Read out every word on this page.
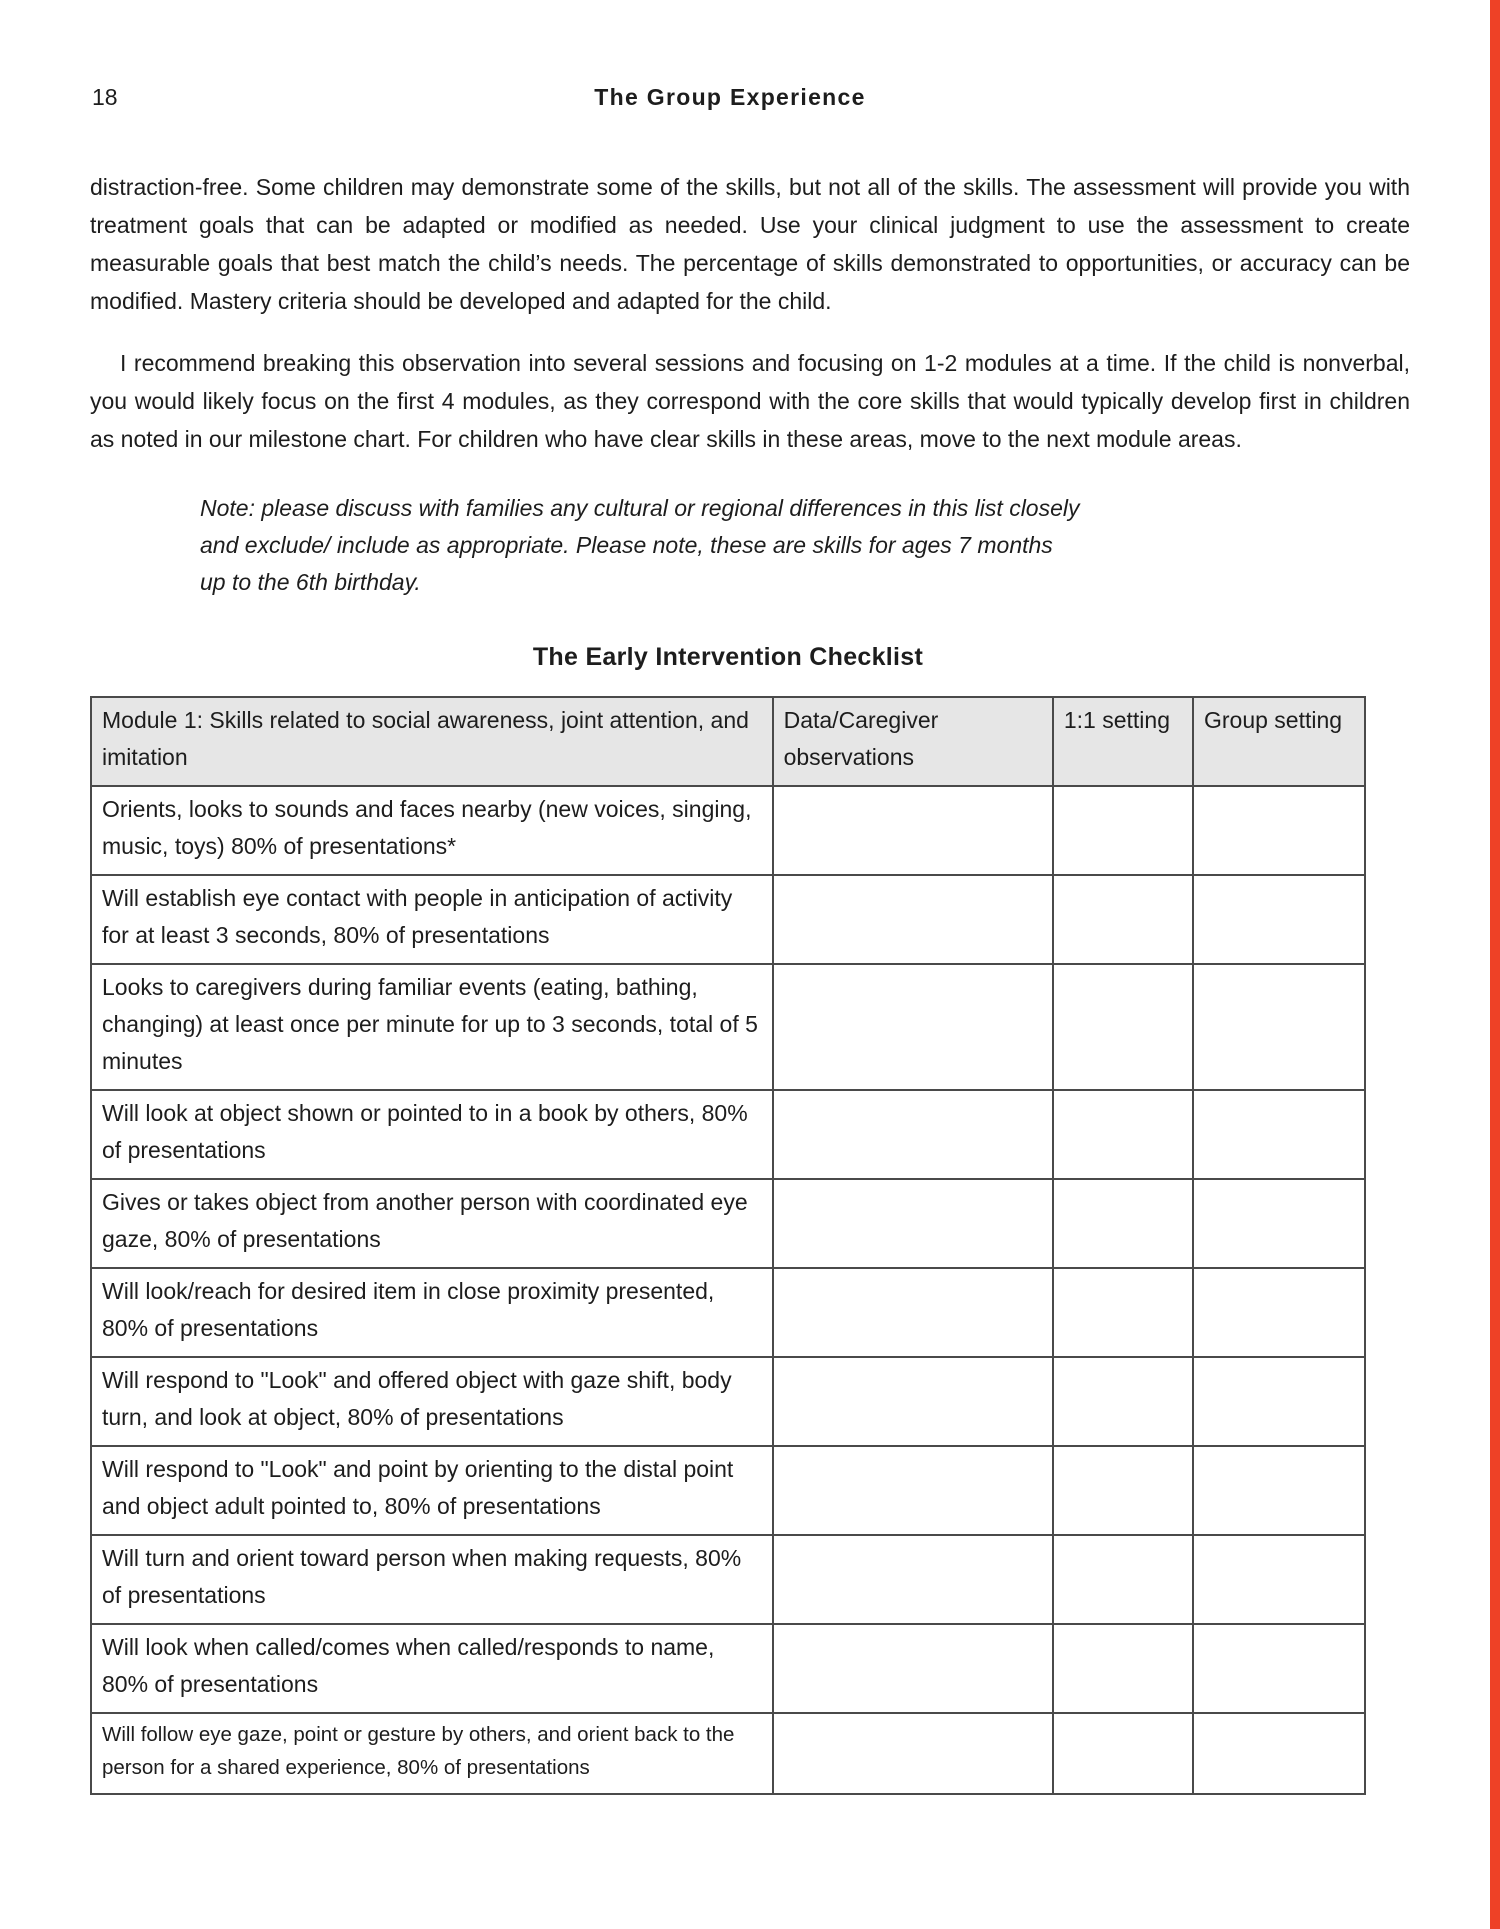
18	The Group Experience

distraction-free. Some children may demonstrate some of the skills, but not all of the skills. The assessment will provide you with treatment goals that can be adapted or modified as needed. Use your clinical judgment to use the assessment to create measurable goals that best match the child’s needs. The percentage of skills demonstrated to opportunities, or accuracy can be modified. Mastery criteria should be developed and adapted for the child.

I recommend breaking this observation into several sessions and focusing on 1-2 modules at a time. If the child is nonverbal, you would likely focus on the first 4 modules, as they correspond with the core skills that would typically develop first in children as noted in our milestone chart. For children who have clear skills in these areas, move to the next module areas.

Note: please discuss with families any cultural or regional differences in this list closely and exclude/ include as appropriate. Please note, these are skills for ages 7 months up to the 6th birthday.

The Early Intervention Checklist
Module 1: Skills related to social awareness, joint attention, and imitation	Data/Caregiver observations	1:1 setting	Group setting
Orients, looks to sounds and faces nearby (new voices, singing, music, toys) 80% of presentations*			
Will establish eye contact with people in anticipation of activity for at least 3 seconds, 80% of presentations			
Looks to caregivers during familiar events (eating, bathing, changing) at least once per minute for up to 3 seconds, total of 5 minutes			
Will look at object shown or pointed to in a book by others, 80% of presentations			
Gives or takes object from another person with coordinated eye gaze, 80% of presentations			
Will look/reach for desired item in close proximity presented, 80% of presentations			
Will respond to "Look" and offered object with gaze shift, body turn, and look at object, 80% of presentations			
Will respond to "Look" and point by orienting to the distal point and object adult pointed to, 80% of presentations			
Will turn and orient toward person when making requests, 80% of presentations			
Will look when called/comes when called/responds to name, 80% of presentations			
Will follow eye gaze, point or gesture by others, and orient back to the person for a shared experience, 80% of presentations			
